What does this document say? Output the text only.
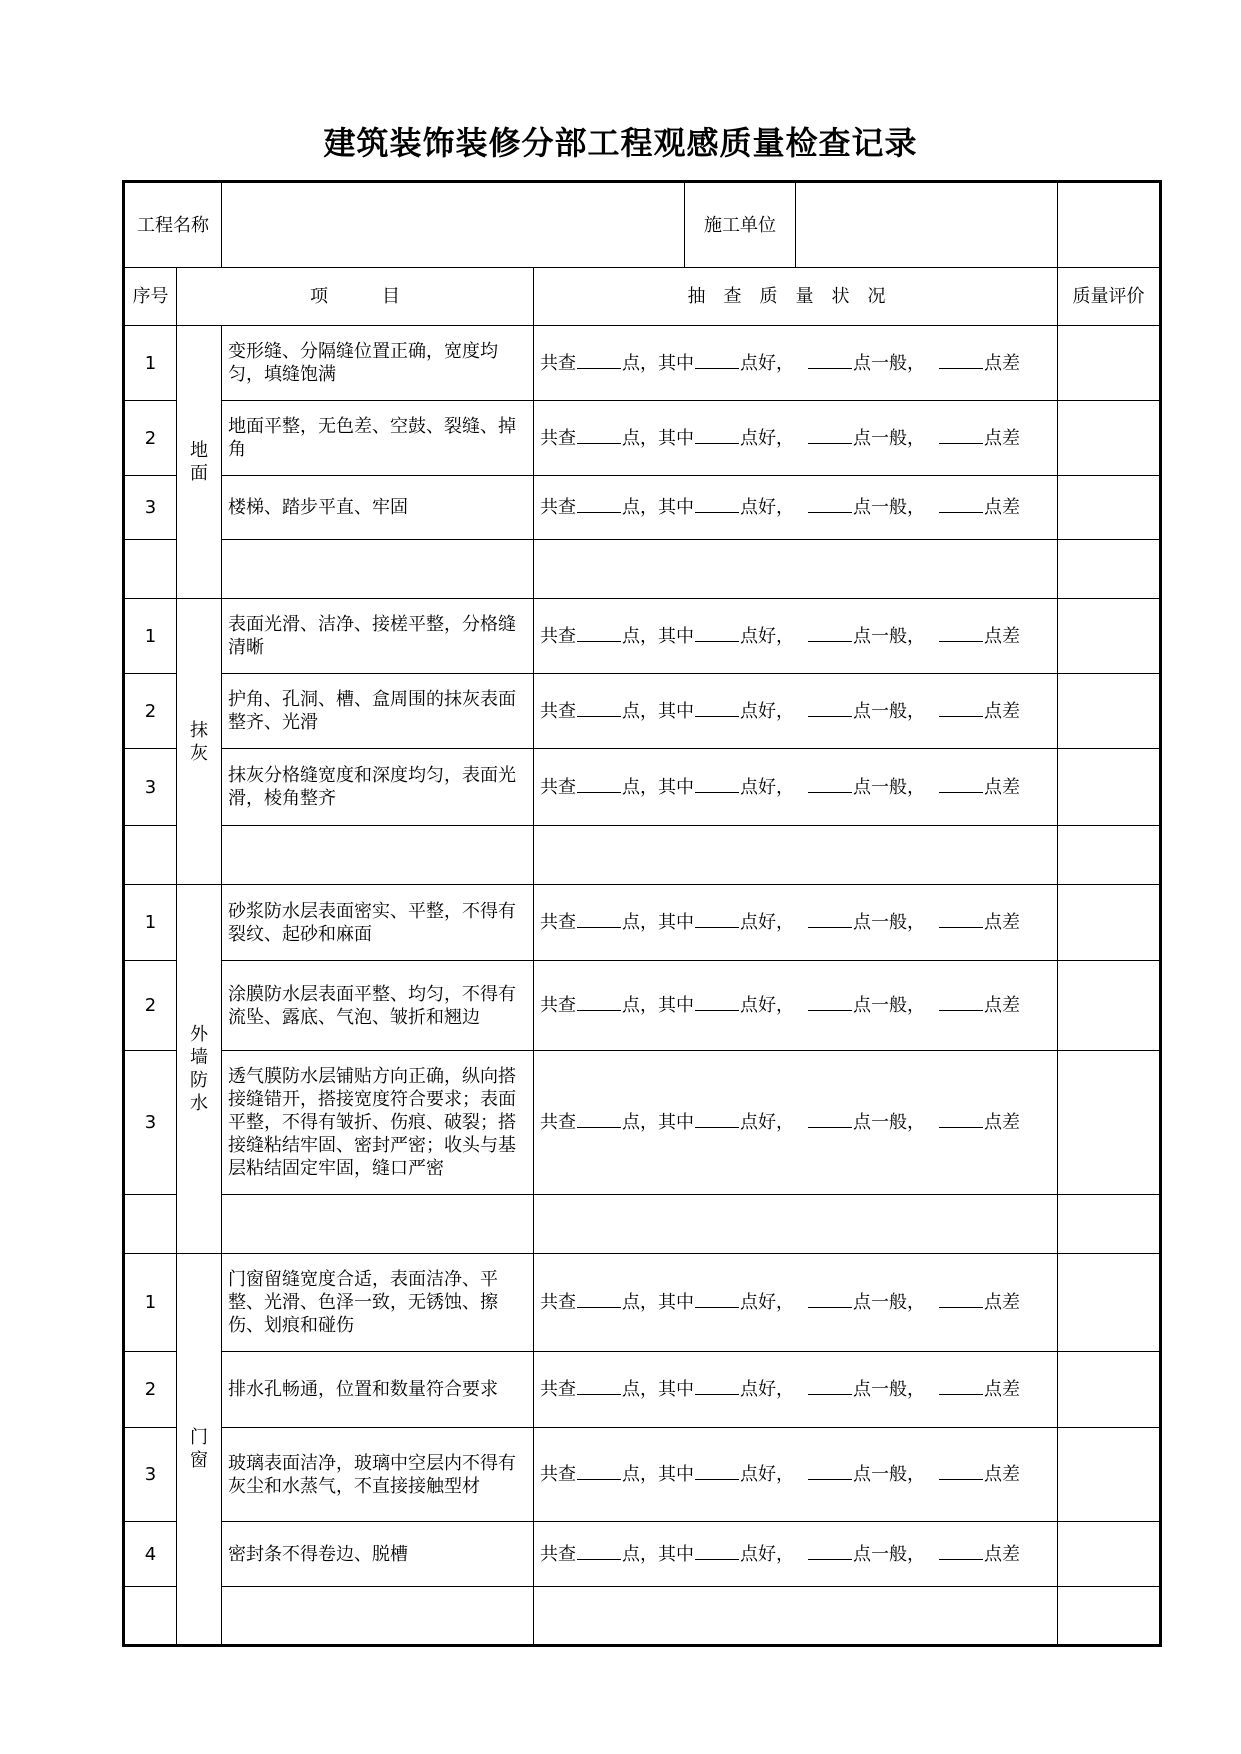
建筑装饰装修分部工程观感质量检查记录
工程名称		施工单位		

序号	项　　　目		抽查质量状况	质量评价
1	地面	变形缝、分隔缝位置正确，宽度均匀，填缝饱满	共查 点，其中 点好， 点一般， 点差	
2		地面平整，无色差、空鼓、裂缝、掉角	共查 点，其中 点好， 点一般， 点差	
3		楼梯、踏步平直、牢固	共查 点，其中 点好， 点一般， 点差	

1	抹灰	表面光滑、洁净、接槎平整，分格缝清晰	共查 点，其中 点好， 点一般， 点差	
2		护角、孔洞、槽、盒周围的抹灰表面整齐、光滑	共查 点，其中 点好， 点一般， 点差	
3		抹灰分格缝宽度和深度均匀，表面光滑，棱角整齐	共查 点，其中 点好， 点一般， 点差	

1	外墙防水	砂浆防水层表面密实、平整，不得有裂纹、起砂和麻面	共查 点，其中 点好， 点一般， 点差	
2		涂膜防水层表面平整、均匀，不得有流坠、露底、气泡、皱折和翘边	共查 点，其中 点好， 点一般， 点差	
3		透气膜防水层铺贴方向正确，纵向搭接缝错开，搭接宽度符合要求；表面平整，不得有皱折、伤痕、破裂；搭接缝粘结牢固、密封严密；收头与基层粘结固定牢固，缝口严密	共查 点，其中 点好， 点一般， 点差	

1	门窗	门窗留缝宽度合适，表面洁净、平整、光滑、色泽一致，无锈蚀、擦伤、划痕和碰伤	共查 点，其中 点好， 点一般， 点差	
2		排水孔畅通，位置和数量符合要求	共查 点，其中 点好， 点一般， 点差	
3		玻璃表面洁净，玻璃中空层内不得有灰尘和水蒸气，不直接接触型材	共查 点，其中 点好， 点一般， 点差	
4		密封条不得卷边、脱槽	共查 点，其中 点好， 点一般， 点差	
